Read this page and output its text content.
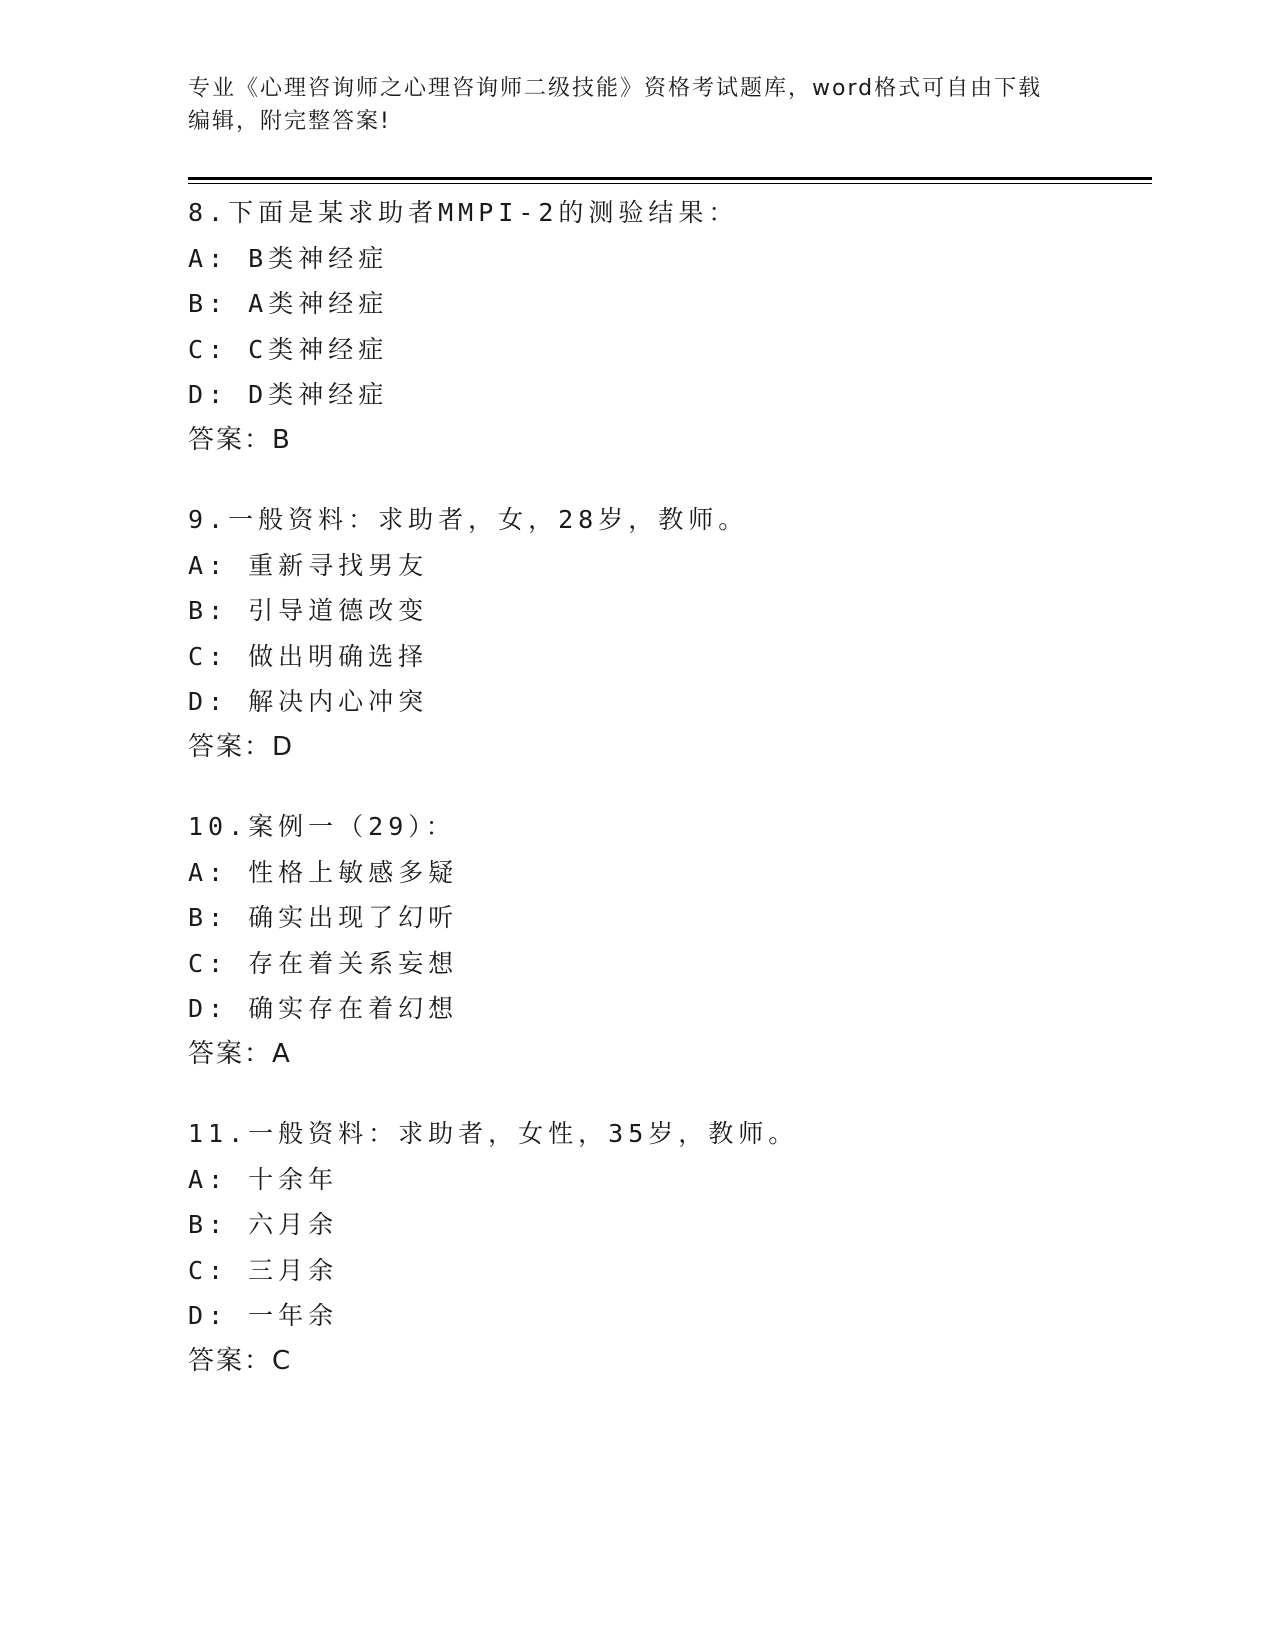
专业《心理咨询师之心理咨询师二级技能》资格考试题库，word格式可自由下载
编辑，附完整答案!
8.下面是某求助者MMPI-2的测验结果：
A: B类神经症
B: A类神经症
C: C类神经症
D: D类神经症
答案：B
9.一般资料：求助者，女，28岁，教师。
A: 重新寻找男友
B: 引导道德改变
C: 做出明确选择
D: 解决内心冲突
答案：D
10.案例一（29）：
A: 性格上敏感多疑
B: 确实出现了幻听
C: 存在着关系妄想
D: 确实存在着幻想
答案：A
11.一般资料：求助者，女性，35岁，教师。
A: 十余年
B: 六月余
C: 三月余
D: 一年余
答案：C
